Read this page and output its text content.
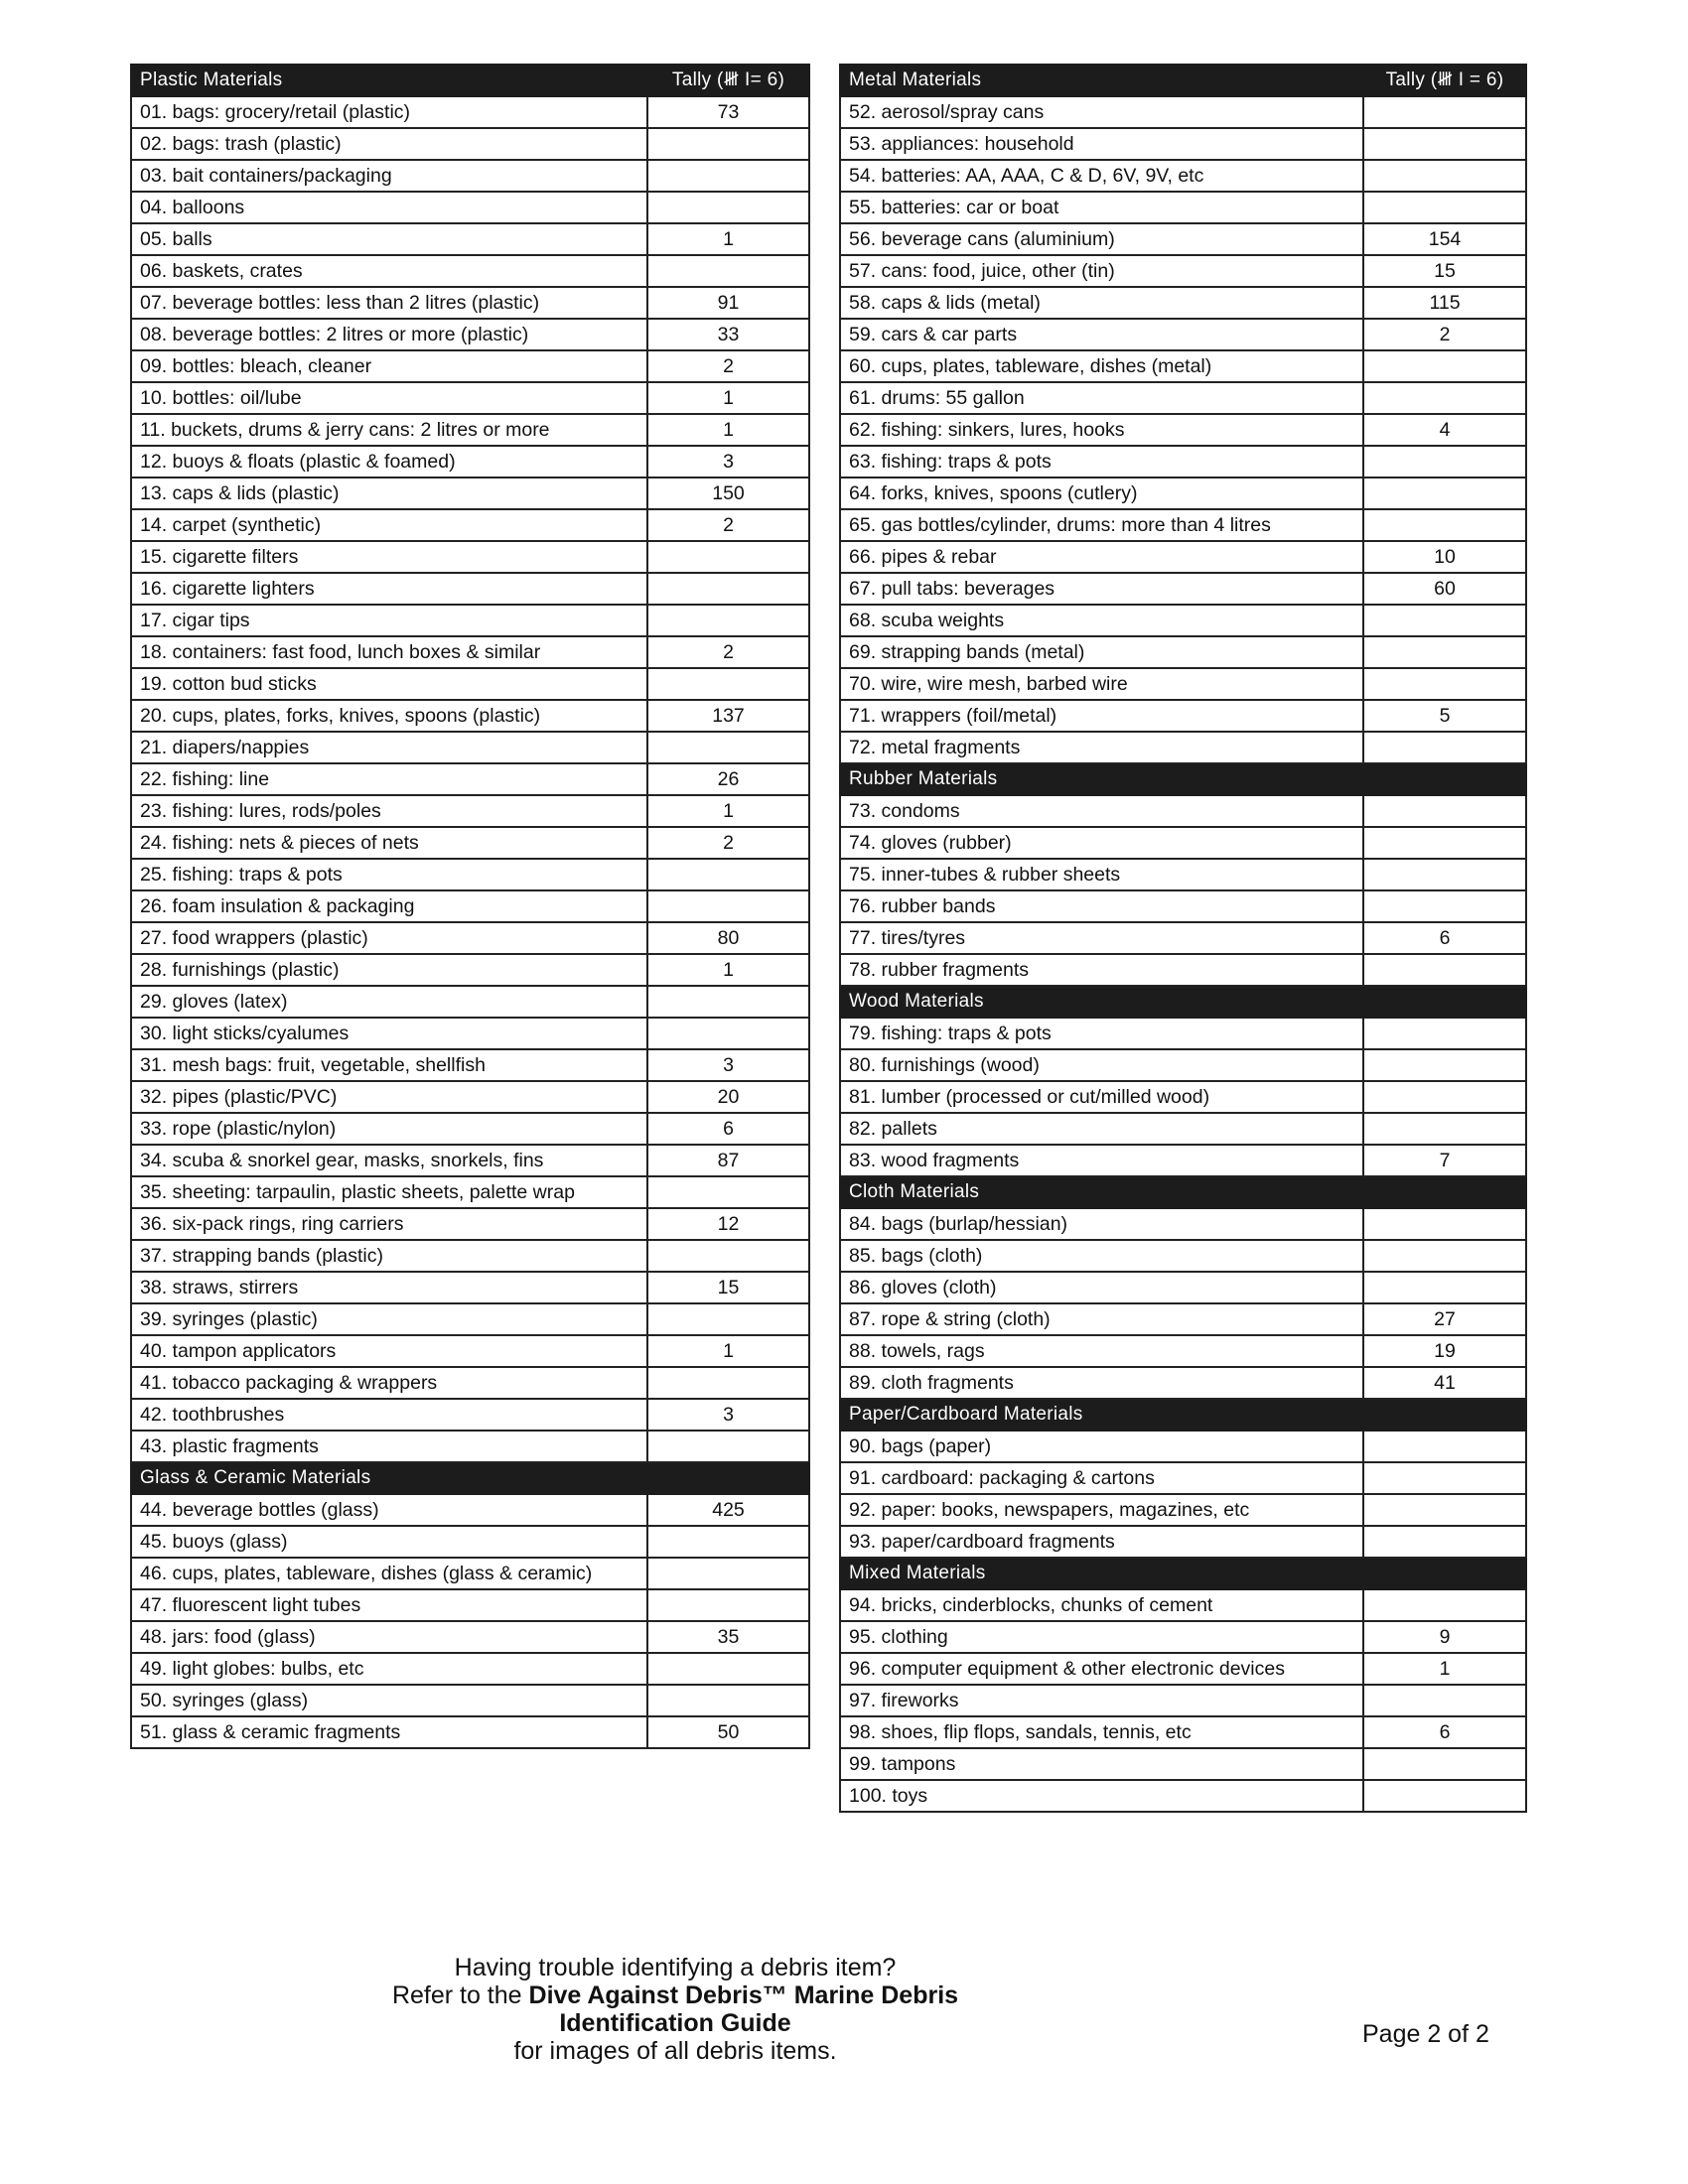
Plastic Materials	Tally (𝍸 I= 6)
01. bags: grocery/retail (plastic)	73
02. bags: trash (plastic)	
03. bait containers/packaging	
04. balloons	
05. balls	1
06. baskets, crates	
07. beverage bottles: less than 2 litres (plastic)	91
08. beverage bottles: 2 litres or more (plastic)	33
09. bottles: bleach, cleaner	2
10. bottles: oil/lube	1
11. buckets, drums & jerry cans: 2 litres or more	1
12. buoys & floats (plastic & foamed)	3
13. caps & lids (plastic)	150
14. carpet (synthetic)	2
15. cigarette filters	
16. cigarette lighters	
17. cigar tips	
18. containers: fast food, lunch boxes & similar	2
19. cotton bud sticks	
20. cups, plates, forks, knives, spoons (plastic)	137
21. diapers/nappies	
22. fishing: line	26
23. fishing: lures, rods/poles	1
24. fishing: nets & pieces of nets	2
25. fishing: traps & pots	
26. foam insulation & packaging	
27. food wrappers (plastic)	80
28. furnishings (plastic)	1
29. gloves (latex)	
30. light sticks/cyalumes	
31. mesh bags: fruit, vegetable, shellfish	3
32. pipes (plastic/PVC)	20
33. rope (plastic/nylon)	6
34. scuba & snorkel gear, masks, snorkels, fins	87
35. sheeting: tarpaulin, plastic sheets, palette wrap	
36. six-pack rings, ring carriers	12
37. strapping bands (plastic)	
38. straws, stirrers	15
39. syringes (plastic)	
40. tampon applicators	1
41. tobacco packaging & wrappers	
42. toothbrushes	3
43. plastic fragments	
Glass & Ceramic Materials	
44. beverage bottles (glass)	425
45. buoys (glass)	
46. cups, plates, tableware, dishes (glass & ceramic)	
47. fluorescent light tubes	
48. jars: food (glass)	35
49. light globes: bulbs, etc	
50. syringes (glass)	
51. glass & ceramic fragments	50
Metal Materials	Tally (𝍸 I = 6)
52. aerosol/spray cans	
53. appliances: household	
54. batteries: AA, AAA, C & D, 6V, 9V, etc	
55. batteries: car or boat	
56. beverage cans (aluminium)	154
57. cans: food, juice, other (tin)	15
58. caps & lids (metal)	115
59. cars & car parts	2
60. cups, plates, tableware, dishes (metal)	
61. drums: 55 gallon	
62. fishing: sinkers, lures, hooks	4
63. fishing: traps & pots	
64. forks, knives, spoons (cutlery)	
65. gas bottles/cylinder, drums: more than 4 litres	
66. pipes & rebar	10
67. pull tabs: beverages	60
68. scuba weights	
69. strapping bands (metal)	
70. wire, wire mesh, barbed wire	
71. wrappers (foil/metal)	5
72. metal fragments	
Rubber Materials	
73. condoms	
74. gloves (rubber)	
75. inner-tubes & rubber sheets	
76. rubber bands	
77. tires/tyres	6
78. rubber fragments	
Wood Materials	
79. fishing: traps & pots	
80. furnishings (wood)	
81. lumber (processed or cut/milled wood)	
82. pallets	
83. wood fragments	7
Cloth Materials	
84. bags (burlap/hessian)	
85. bags (cloth)	
86. gloves (cloth)	
87. rope & string (cloth)	27
88. towels, rags	19
89. cloth fragments	41
Paper/Cardboard Materials	
90. bags (paper)	
91. cardboard: packaging & cartons	
92. paper: books, newspapers, magazines, etc	
93. paper/cardboard fragments	
Mixed Materials	
94. bricks, cinderblocks, chunks of cement	
95. clothing	9
96. computer equipment & other electronic devices	1
97. fireworks	
98. shoes, flip flops, sandals, tennis, etc	6
99. tampons	
100. toys	
Having trouble identifying a debris item?
Refer to the Dive Against Debris™ Marine Debris Identification Guide
for images of all debris items.
Page 2 of 2
